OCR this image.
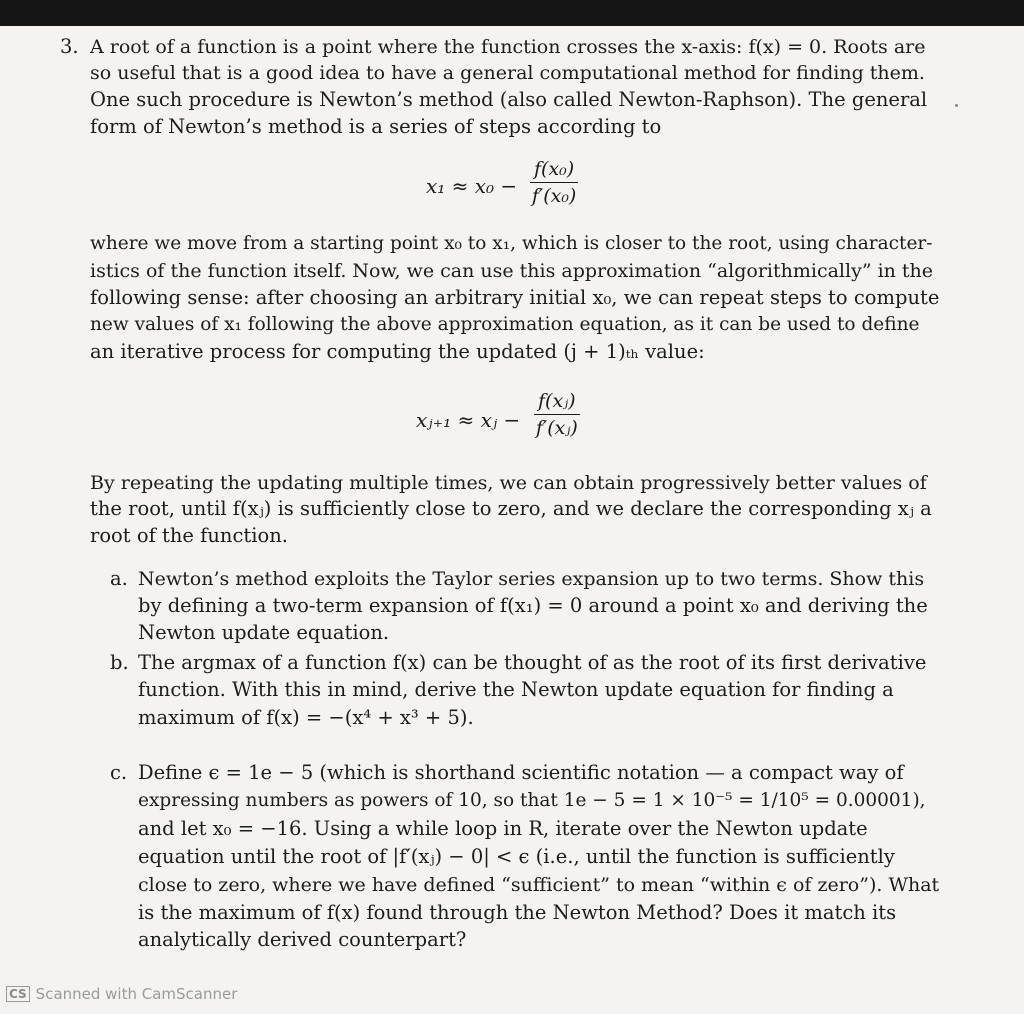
3. A root of a function is a point where the function crosses the x-axis: f(x) = 0. Roots are
so useful that is a good idea to have a general computational method for finding them.
One such procedure is Newton’s method (also called Newton-Raphson). The general
form of Newton’s method is a series of steps according to
$x_1 \approx x_0 - \frac{\text{f(x₀)}}{\text{f′(x₀)}}$
where we move from a starting point x₀ to x₁, which is closer to the root, using character-
istics of the function itself. Now, we can use this approximation “algorithmically” in the
following sense: after choosing an arbitrary initial x₀, we can repeat steps to compute
new values of x₁ following the above approximation equation, as it can be used to define
an iterative process for computing the updated (j + 1)ₜₕ value:
xⱼ₊₁ ≈ xⱼ − $\frac{\text{f(xⱼ)}}{\text{f′(xⱼ)}}$
By repeating the updating multiple times, we can obtain progressively better values of
the root, until f(xⱼ) is sufficiently close to zero, and we declare the corresponding xⱼ a
root of the function.
a. Newton’s method exploits the Taylor series expansion up to two terms. Show this
by defining a two-term expansion of f(x₁) = 0 around a point x₀ and deriving the
Newton update equation.
b. The argmax of a function f(x) can be thought of as the root of its first derivative
function. With this in mind, derive the Newton update equation for finding a
maximum of f(x) = −(x⁴ + x³ + 5).
c. Define ϵ = 1e − 5 (which is shorthand scientific notation — a compact way of
expressing numbers as powers of 10, so that 1e − 5 = 1 × 10⁻⁵ = 1/10⁵ = 0.00001),
and let x₀ = −16. Using a while loop in R, iterate over the Newton update
equation until the root of |f′(xⱼ) − 0| < ϵ (i.e., until the function is sufficiently
close to zero, where we have defined “sufficient” to mean “within ϵ of zero”). What
is the maximum of f(x) found through the Newton Method? Does it match its
analytically derived counterpart?
CS Scanned with CamScanner
